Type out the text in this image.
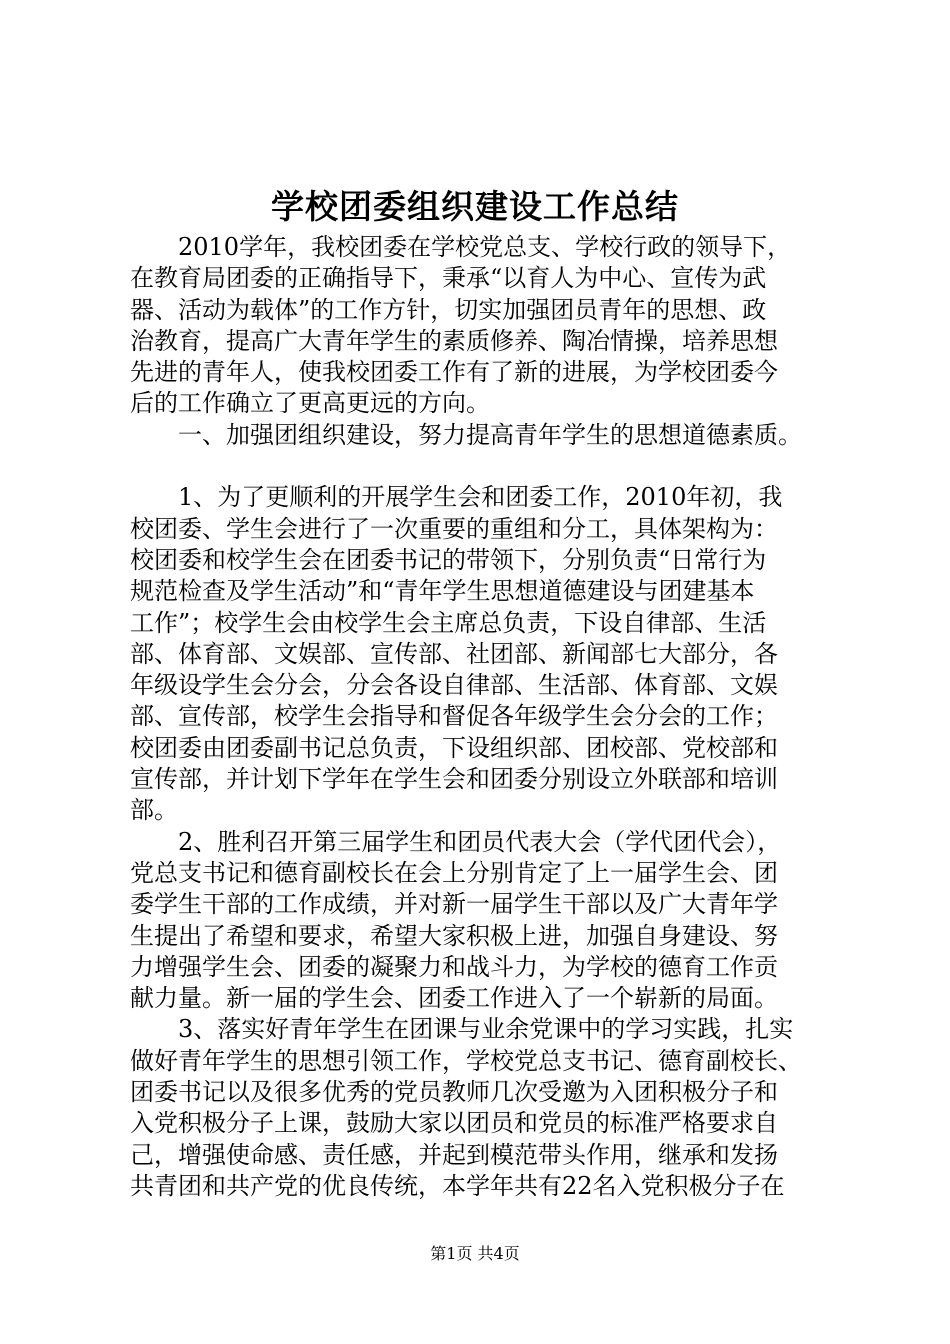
学校团委组织建设工作总结
2010学年，我校团委在学校党总支、学校行政的领导下，
在教育局团委的正确指导下，秉承“以育人为中心、宣传为武
器、活动为载体”的工作方针，切实加强团员青年的思想、政
治教育，提高广大青年学生的素质修养、陶冶情操，培养思想
先进的青年人，使我校团委工作有了新的进展，为学校团委今
后的工作确立了更高更远的方向。
一、加强团组织建设，努力提高青年学生的思想道德素质。
1、为了更顺利的开展学生会和团委工作，2010年初，我
校团委、学生会进行了一次重要的重组和分工，具体架构为：
校团委和校学生会在团委书记的带领下，分别负责“日常行为
规范检查及学生活动”和“青年学生思想道德建设与团建基本
工作”；校学生会由校学生会主席总负责，下设自律部、生活
部、体育部、文娱部、宣传部、社团部、新闻部七大部分，各
年级设学生会分会，分会各设自律部、生活部、体育部、文娱
部、宣传部，校学生会指导和督促各年级学生会分会的工作；
校团委由团委副书记总负责，下设组织部、团校部、党校部和
宣传部，并计划下学年在学生会和团委分别设立外联部和培训
部。
2、胜利召开第三届学生和团员代表大会（学代团代会），
党总支书记和德育副校长在会上分别肯定了上一届学生会、团
委学生干部的工作成绩，并对新一届学生干部以及广大青年学
生提出了希望和要求，希望大家积极上进，加强自身建设、努
力增强学生会、团委的凝聚力和战斗力，为学校的德育工作贡
献力量。新一届的学生会、团委工作进入了一个崭新的局面。
3、落实好青年学生在团课与业余党课中的学习实践，扎实
做好青年学生的思想引领工作，学校党总支书记、德育副校长、
团委书记以及很多优秀的党员教师几次受邀为入团积极分子和
入党积极分子上课，鼓励大家以团员和党员的标准严格要求自
己，增强使命感、责任感，并起到模范带头作用，继承和发扬
共青团和共产党的优良传统，本学年共有22名入党积极分子在
第1页 共4页
